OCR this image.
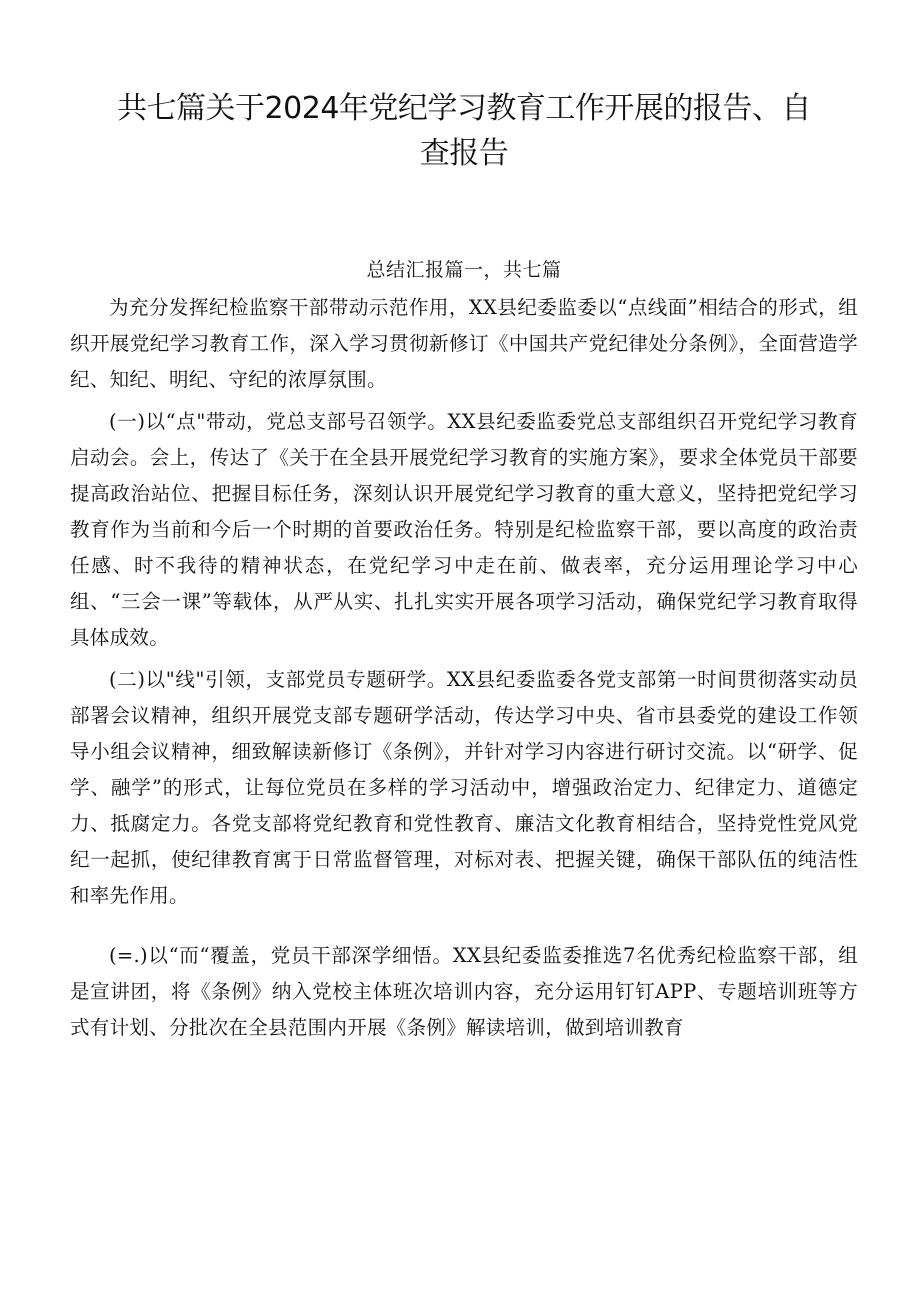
共七篇关于2024年党纪学习教育工作开展的报告、自查报告
总结汇报篇一，共七篇

为充分发挥纪检监察干部带动示范作用，XX县纪委监委以“点线面”相结合的形式，组织开展党纪学习教育工作，深入学习贯彻新修订《中国共产党纪律处分条例》，全面营造学纪、知纪、明纪、守纪的浓厚氛围。

(一)以“点"带动，党总支部号召领学。XX县纪委监委党总支部组织召开党纪学习教育启动会。会上，传达了《关于在全县开展党纪学习教育的实施方案》，要求全体党员干部要提高政治站位、把握目标任务，深刻认识开展党纪学习教育的重大意义，坚持把党纪学习教育作为当前和今后一个时期的首要政治任务。特别是纪检监察干部，要以高度的政治责任感、时不我待的精神状态，在党纪学习中走在前、做表率，充分运用理论学习中心组、“三会一课”等载体，从严从实、扎扎实实开展各项学习活动，确保党纪学习教育取得具体成效。

(二)以"线"引领，支部党员专题研学。XX县纪委监委各党支部第一时间贯彻落实动员部署会议精神，组织开展党支部专题研学活动，传达学习中央、省市县委党的建设工作领导小组会议精神，细致解读新修订《条例》，并针对学习内容进行研讨交流。以“研学、促学、融学”的形式，让每位党员在多样的学习活动中，增强政治定力、纪律定力、道德定力、抵腐定力。各党支部将党纪教育和党性教育、廉洁文化教育相结合，坚持党性党风党纪一起抓，使纪律教育寓于日常监督管理，对标对表、把握关键，确保干部队伍的纯洁性和率先作用。

(=.)以“而“覆盖，党员干部深学细悟。XX县纪委监委推选7名优秀纪检监察干部，组是宣讲团，将《条例》纳入党校主体班次培训内容，充分运用钉钉APP、专题培训班等方式有计划、分批次在全县范围内开展《条例》解读培训，做到培训教育
